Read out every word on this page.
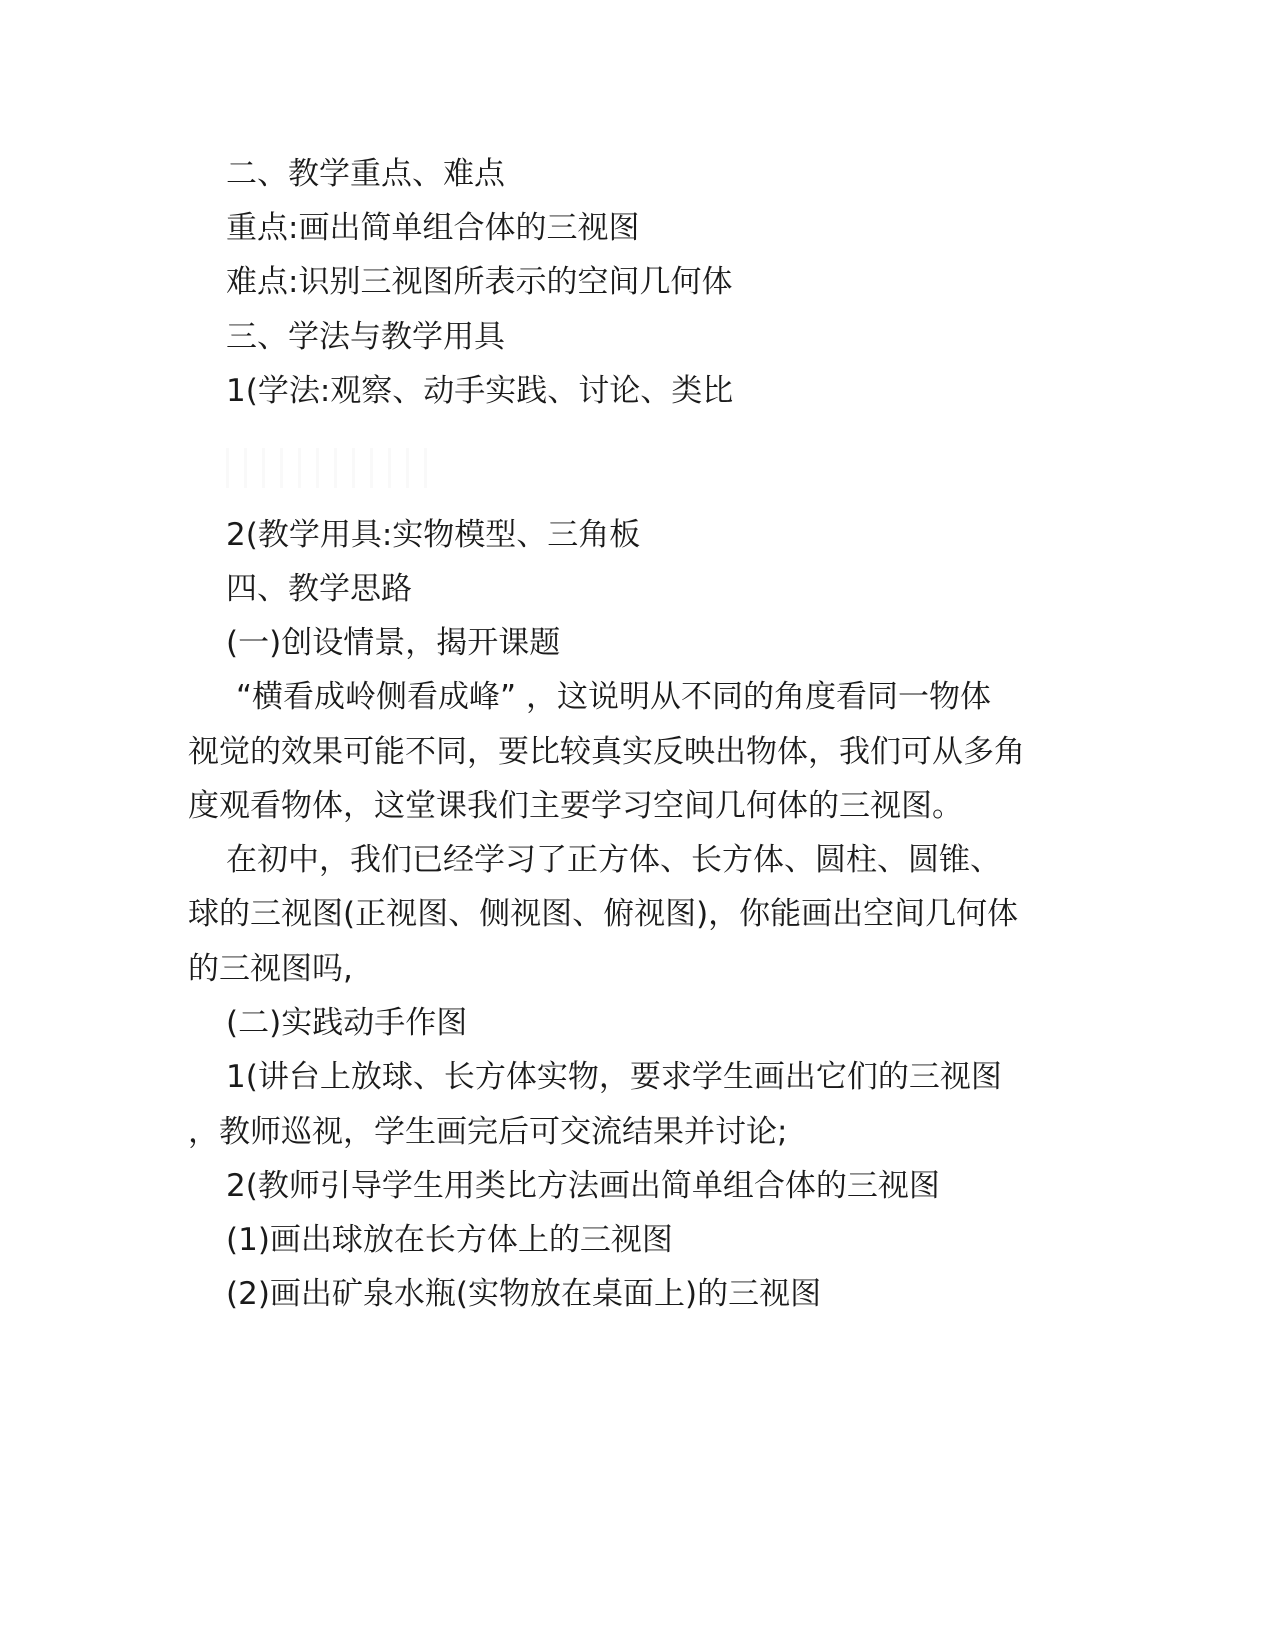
二、教学重点、难点
重点:画出简单组合体的三视图
难点:识别三视图所表示的空间几何体
三、学法与教学用具
1(学法:观察、动手实践、讨论、类比
2(教学用具:实物模型、三角板
四、教学思路
(一)创设情景，揭开课题
“横看成岭侧看成峰” ，这说明从不同的角度看同一物体
视觉的效果可能不同，要比较真实反映出物体，我们可从多角
度观看物体，这堂课我们主要学习空间几何体的三视图。
在初中，我们已经学习了正方体、长方体、圆柱、圆锥、
球的三视图(正视图、侧视图、俯视图)，你能画出空间几何体
的三视图吗,
(二)实践动手作图
1(讲台上放球、长方体实物，要求学生画出它们的三视图
，教师巡视，学生画完后可交流结果并讨论;
2(教师引导学生用类比方法画出简单组合体的三视图
(1)画出球放在长方体上的三视图
(2)画出矿泉水瓶(实物放在桌面上)的三视图
